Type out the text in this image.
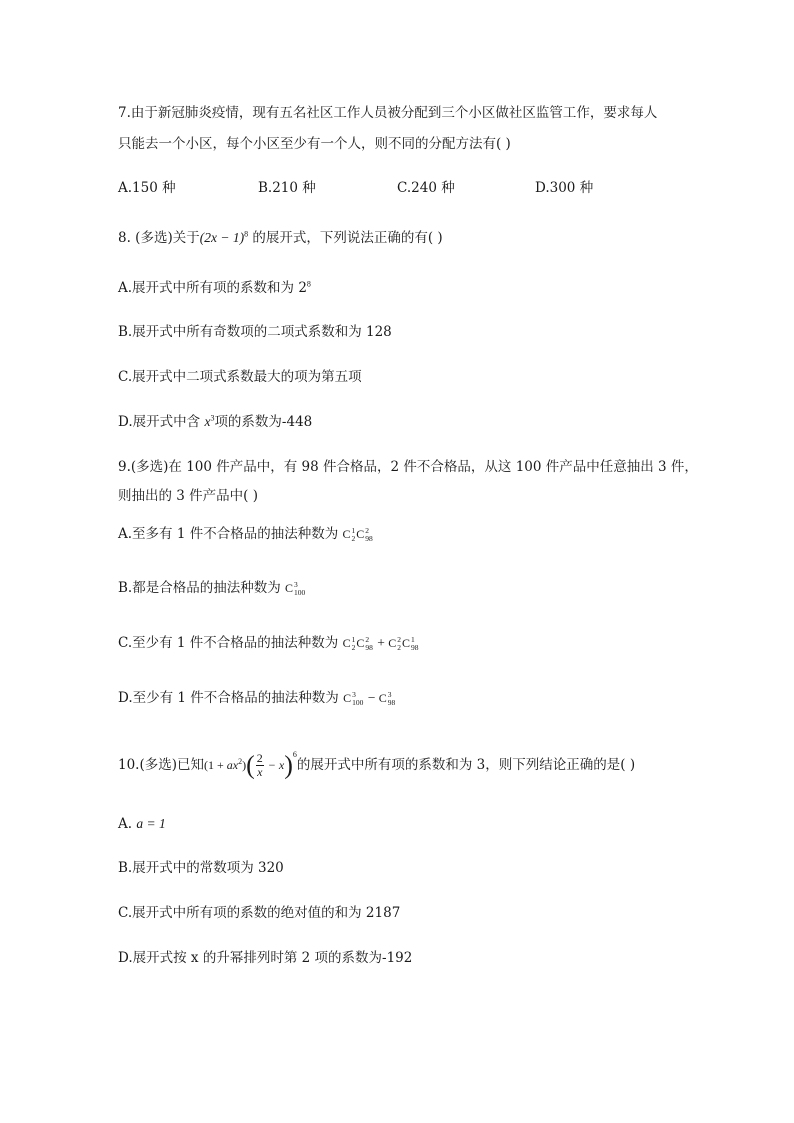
7.由于新冠肺炎疫情，现有五名社区工作人员被分配到三个小区做社区监管工作，要求每人
只能去一个小区，每个小区至少有一个人，则不同的分配方法有( )
A.150 种	B.210 种	C.240 种	D.300 种
8. (多选)关于$(2x - 1)^8$ 的展开式，下列说法正确的有( )
A.展开式中所有项的系数和为 $2^8$
B.展开式中所有奇数项的二项式系数和为 128
C.展开式中二项式系数最大的项为第五项
D.展开式中含 $x^3$项的系数为-448
9.(多选)在 100 件产品中，有 98 件合格品，2 件不合格品，从这 100 件产品中任意抽出 3 件，
则抽出的 3 件产品中( )
A.至多有 1 件不合格品的抽法种数为 C 1
2 C 2
98
B.都是合格品的抽法种数为 C 3
100
C.至少有 1 件不合格品的抽法种数为 C 1
2 C 2
98 + C 2
2 C 1
98
D.至少有 1 件不合格品的抽法种数为 C 3
100 − C 3
98
10.(多选)已知$(1 + ax^2)( \frac{2}{x} - x)^6$的展开式中所有项的系数和为 3，则下列结论正确的是( )
A. a = 1
B.展开式中的常数项为 320
C.展开式中所有项的系数的绝对值的和为 2187
D.展开式按 x 的升幂排列时第 2 项的系数为-192
